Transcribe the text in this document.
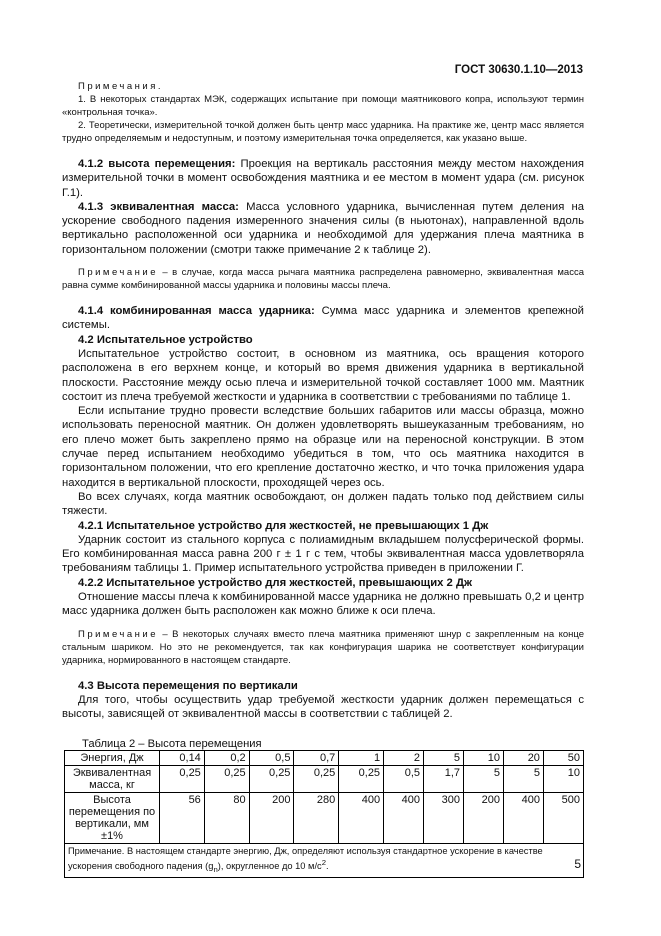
ГОСТ 30630.1.10—2013

Примечания.

1. В некоторых стандартах МЭК, содержащих испытание при помощи маятникового копра, используют термин «контрольная точка».

2. Теоретически, измерительной точкой должен быть центр масс ударника. На практике же, центр масс является трудно определяемым и недоступным, и поэтому измерительная точка определяется, как указано выше.

4.1.2 высота перемещения: Проекция на вертикаль расстояния между местом нахождения измерительной точки в момент освобождения маятника и ее местом в момент удара (см. рисунок Г.1).

4.1.3 эквивалентная масса: Масса условного ударника, вычисленная путем деления на ускорение свободного падения измеренного значения силы (в ньютонах), направленной вдоль вертикально расположенной оси ударника и необходимой для удержания плеча маятника в горизонтальном положении (смотри также примечание 2 к таблице 2).

Примечание – в случае, когда масса рычага маятника распределена равномерно, эквивалентная масса равна сумме комбинированной массы ударника и половины массы плеча.

4.1.4 комбинированная масса ударника: Сумма масс ударника и элементов крепежной системы.

4.2 Испытательное устройство

Испытательное устройство состоит, в основном из маятника, ось вращения которого расположена в его верхнем конце, и который во время движения ударника в вертикальной плоскости. Расстояние между осью плеча и измерительной точкой составляет 1000 мм. Маятник состоит из плеча требуемой жесткости и ударника в соответствии с требованиями по таблице 1.

Если испытание трудно провести вследствие больших габаритов или массы образца, можно использовать переносной маятник. Он должен удовлетворять вышеуказанным требованиям, но его плечо может быть закреплено прямо на образце или на переносной конструкции. В этом случае перед испытанием необходимо убедиться в том, что ось маятника находится в горизонтальном положении, что его крепление достаточно жестко, и что точка приложения удара находится в вертикальной плоскости, проходящей через ось.

Во всех случаях, когда маятник освобождают, он должен падать только под действием силы тяжести.

4.2.1 Испытательное устройство для жесткостей, не превышающих 1 Дж

Ударник состоит из стального корпуса с полиамидным вкладышем полусферической формы. Его комбинированная масса равна 200 г ± 1 г с тем, чтобы эквивалентная масса удовлетворяла требованиям таблицы 1. Пример испытательного устройства приведен в приложении Г.

4.2.2 Испытательное устройство для жесткостей, превышающих 2 Дж

Отношение массы плеча к комбинированной массе ударника не должно превышать 0,2 и центр масс ударника должен быть расположен как можно ближе к оси плеча.

Примечание – В некоторых случаях вместо плеча маятника применяют шнур с закрепленным на конце стальным шариком. Но это не рекомендуется, так как конфигурация шарика не соответствует конфигурации ударника, нормированного в настоящем стандарте.

4.3 Высота перемещения по вертикали

Для того, чтобы осуществить удар требуемой жесткости ударник должен перемещаться с высоты, зависящей от эквивалентной массы в соответствии с таблицей 2.

Таблица 2 – Высота перемещения
Энергия, Дж	0,14	0,2	0,5	0,7	1	2	5	10	20	50
Эквивалентная масса, кг	0,25	0,25	0,25	0,25	0,25	0,5	1,7	5	5	10
Высота перемещения по вертикали, мм ±1%	56	80	200	280	400	400	300	200	400	500
Примечание. В настоящем стандарте энергию, Дж, определяют используя стандартное ускорение в качестве ускорения свободного падения $(g_n)$, округленное до 10 $м/с^2$.											5
